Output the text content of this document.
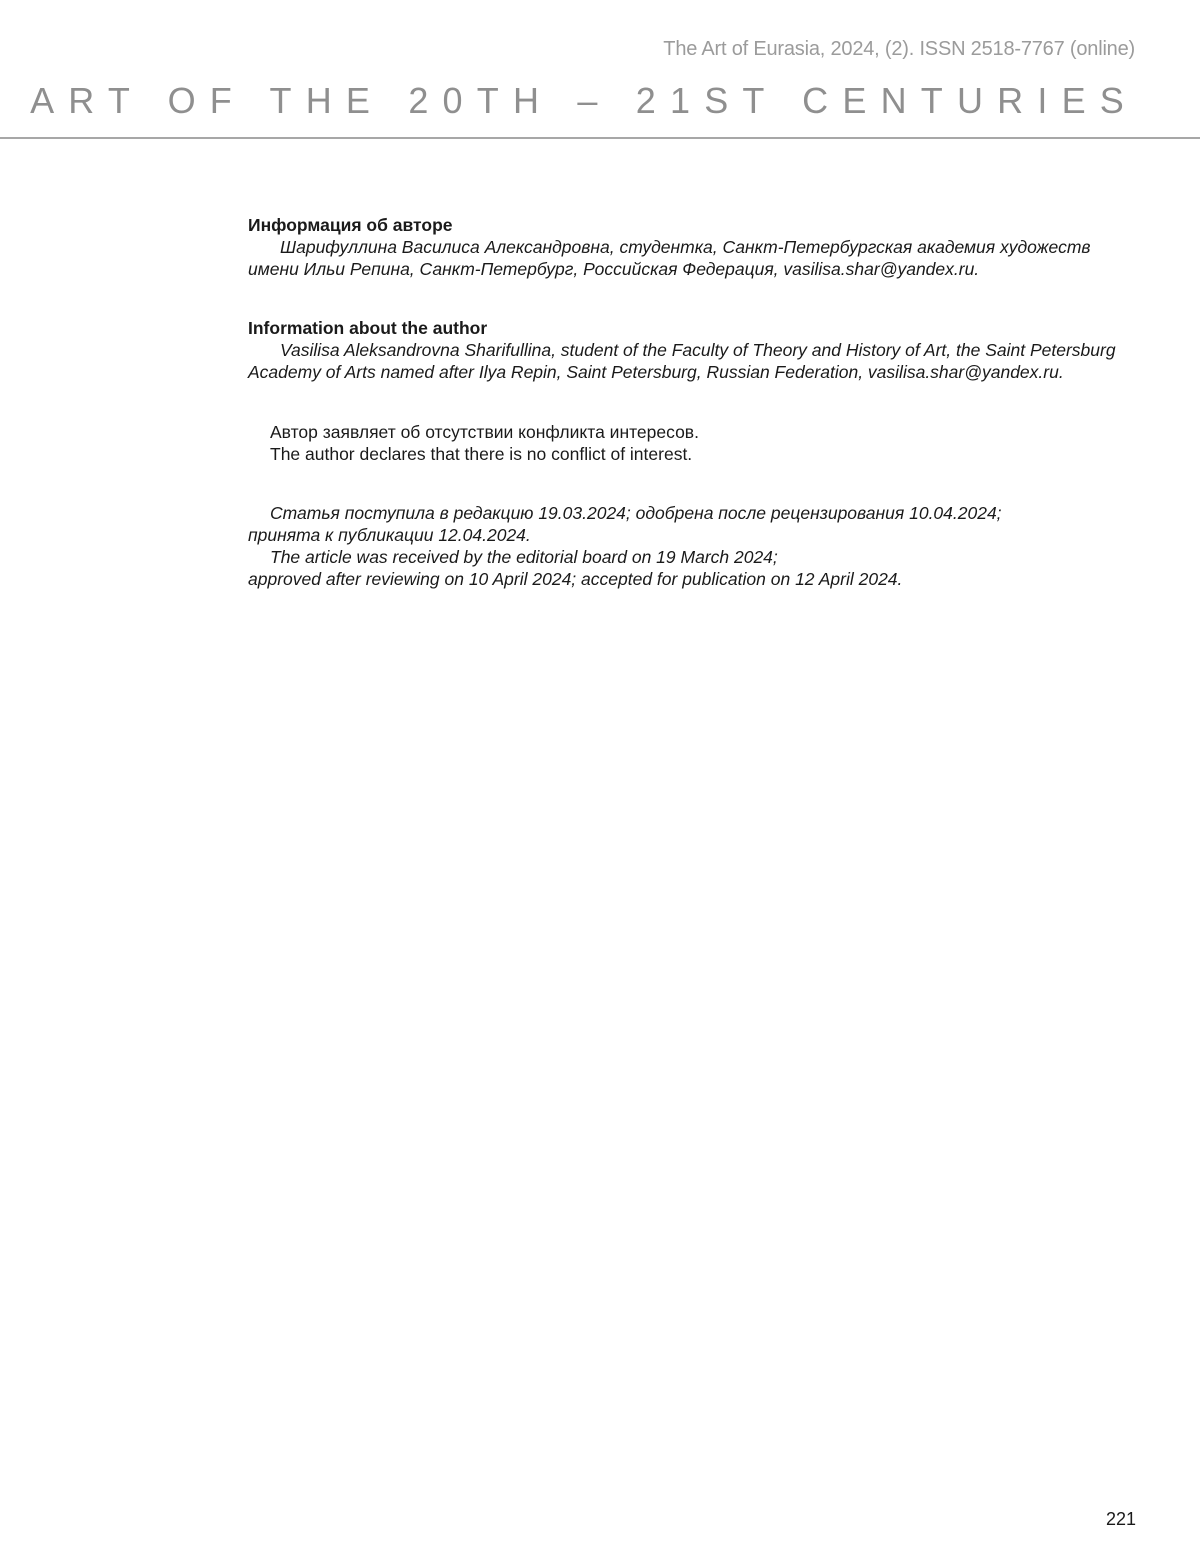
The Art of Eurasia, 2024, (2). ISSN 2518-7767 (online)
ART OF THE 20TH – 21ST CENTURIES

Информация об авторе

Шарифуллина Василиса Александровна, студентка, Санкт-Петербургская академия художеств имени Ильи Репина, Санкт-Петербург, Российская Федерация, vasilisa.shar@yandex.ru.

Information about the author

Vasilisa Aleksandrovna Sharifullina, student of the Faculty of Theory and History of Art, the Saint Petersburg Academy of Arts named after Ilya Repin, Saint Petersburg, Russian Federation, vasilisa.shar@yandex.ru.

Автор заявляет об отсутствии конфликта интересов.

The author declares that there is no conflict of interest.

Статья поступила в редакцию 19.03.2024; одобрена после рецензирования 10.04.2024;

принята к публикации 12.04.2024.

The article was received by the editorial board on 19 March 2024;

approved after reviewing on 10 April 2024; accepted for publication on 12 April 2024.

221
